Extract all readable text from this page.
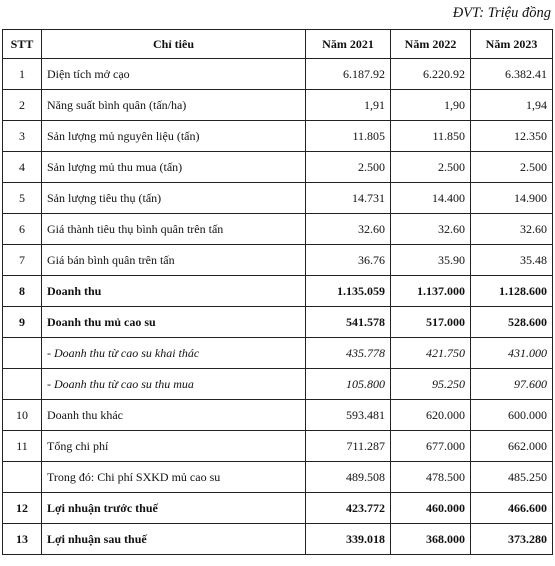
ĐVT: Triệu đồng
STT	Chỉ tiêu	Năm 2021	Năm 2022	Năm 2023
1	Diện tích mở cạo	6.187.92	6.220.92	6.382.41
2	Năng suất bình quân (tấn/ha)	1,91	1,90	1,94
3	Sản lượng mủ nguyên liệu (tấn)	11.805	11.850	12.350
4	Sản lượng mủ thu mua (tấn)	2.500	2.500	2.500
5	Sản lượng tiêu thụ (tấn)	14.731	14.400	14.900
6	Giá thành tiêu thụ bình quân trên tấn	32.60	32.60	32.60
7	Giá bán bình quân trên tấn	36.76	35.90	35.48
8	Doanh thu	1.135.059	1.137.000	1.128.600
9	Doanh thu mủ cao su	541.578	517.000	528.600
	- Doanh thu từ cao su khai thác	435.778	421.750	431.000
	- Doanh thu từ cao su thu mua	105.800	95.250	97.600
10	Doanh thu khác	593.481	620.000	600.000
11	Tổng chi phí	711.287	677.000	662.000
	Trong đó: Chi phí SXKD mủ cao su	489.508	478.500	485.250
12	Lợi nhuận trước thuế	423.772	460.000	466.600
13	Lợi nhuận sau thuế	339.018	368.000	373.280
